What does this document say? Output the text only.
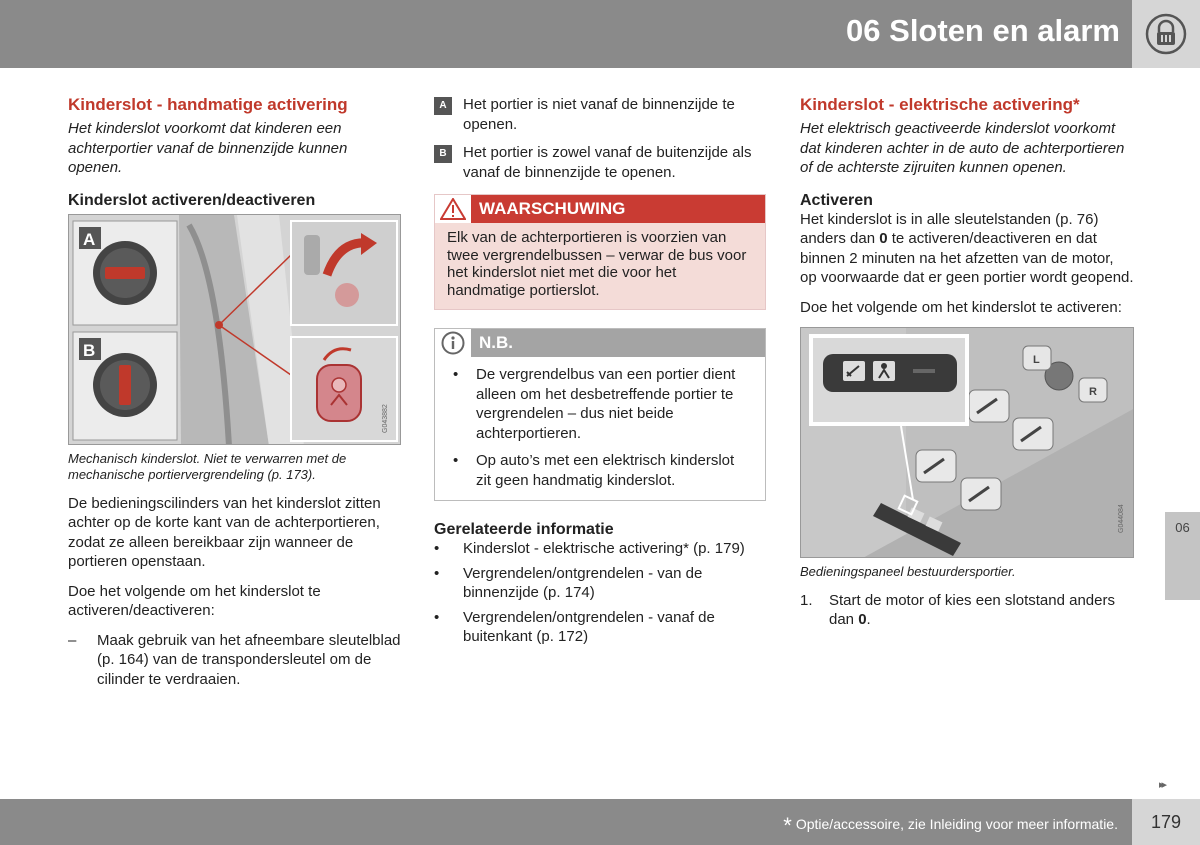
06 Sloten en alarm
Kinderslot - handmatige activering
Het kinderslot voorkomt dat kinderen een achterportier vanaf de binnenzijde kunnen openen.
Kinderslot activeren/deactiveren
A
B
G043882
Mechanisch kinderslot. Niet te verwarren met de mechanische portiervergrendeling (p. 173).
De bedieningscilinders van het kinderslot zitten achter op de korte kant van de achterportieren, zodat ze alleen bereikbaar zijn wanneer de portieren openstaan.
Doe het volgende om het kinderslot te activeren/deactiveren:
–	Maak gebruik van het afneembare sleutelblad (p. 164) van de transpondersleutel om de cilinder te verdraaien.
A	Het portier is niet vanaf de binnenzijde te openen.
B	Het portier is zowel vanaf de buitenzijde als vanaf de binnenzijde te openen.
WAARSCHUWING
Elk van de achterportieren is voorzien van twee vergrendelbussen – verwar de bus voor het kinderslot niet met die voor het handmatige portierslot.
N.B.
•	De vergrendelbus van een portier dient alleen om het desbetreffende portier te vergrendelen – dus niet beide achterportieren.
•	Op auto’s met een elektrisch kinderslot zit geen handmatig kinderslot.
Gerelateerde informatie
•	Kinderslot - elektrische activering* (p. 179)
•	Vergrendelen/ontgrendelen - van de binnenzijde (p. 174)
•	Vergrendelen/ontgrendelen - vanaf de buitenkant (p. 172)
Kinderslot - elektrische activering*
Het elektrisch geactiveerde kinderslot voorkomt dat kinderen achter in de auto de achterportieren of de achterste zijruiten kunnen openen.
Activeren
Het kinderslot is in alle sleutelstanden (p. 76) anders dan 0 te activeren/deactiveren en dat binnen 2 minuten na het afzetten van de motor, op voorwaarde dat er geen portier wordt geopend.
Doe het volgende om het kinderslot te activeren:
L
R
G044084
Bedieningspaneel bestuurdersportier.
1.	Start de motor of kies een slotstand anders dan 0.
06
▸▸
* Optie/accessoire, zie Inleiding voor meer informatie.	179
